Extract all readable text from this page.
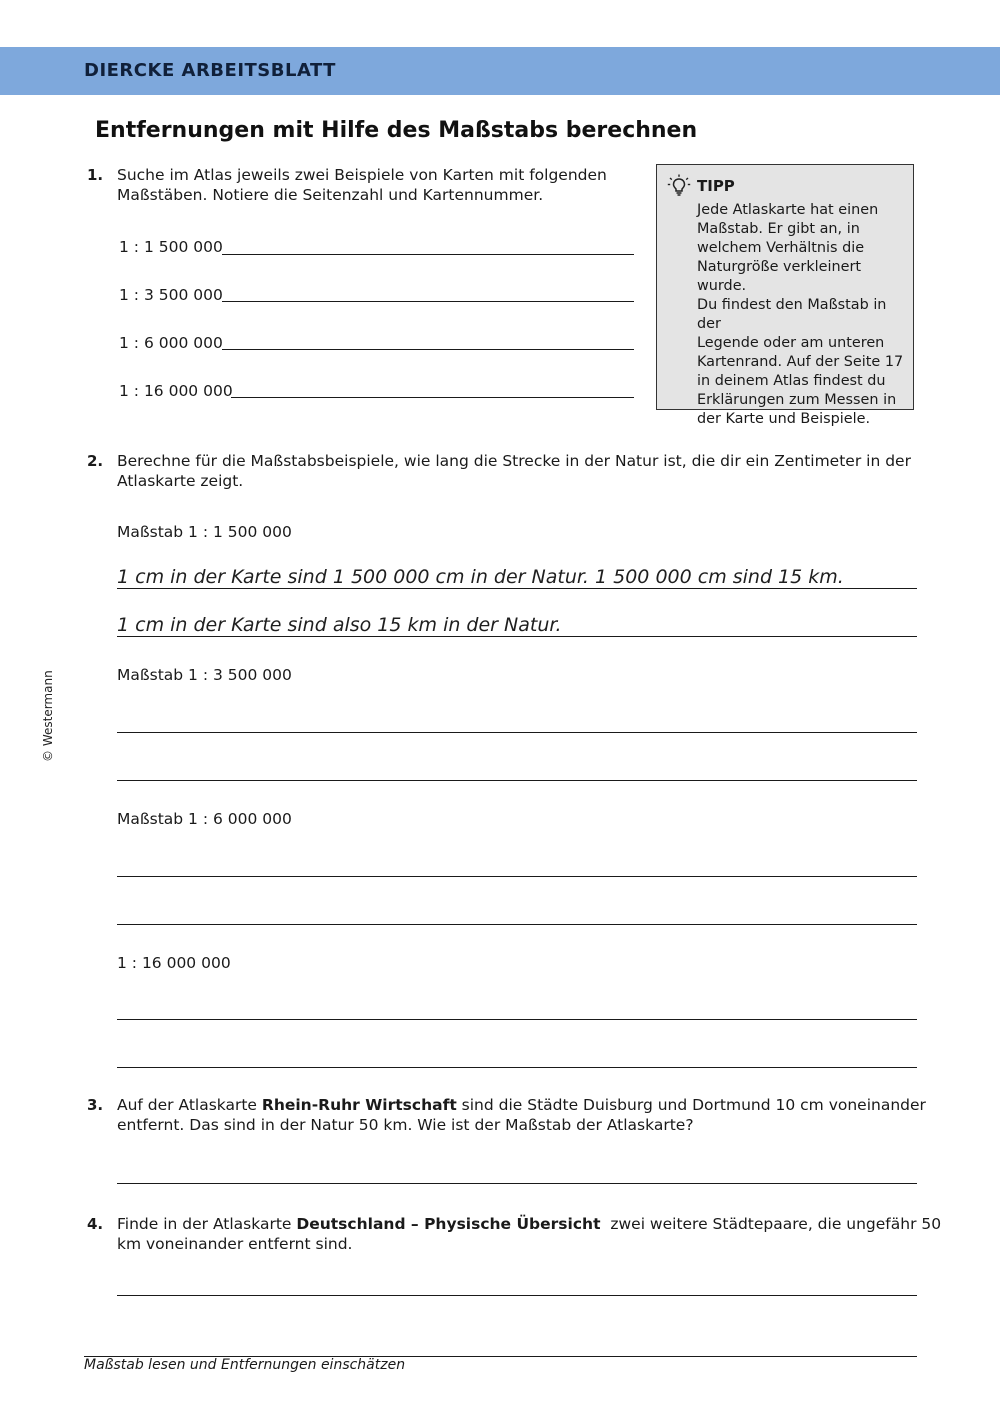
DIERCKE ARBEITSBLATT
Entfernungen mit Hilfe des Maßstabs berechnen
1. Suche im Atlas jeweils zwei Beispiele von Karten mit folgenden
Maßstäben. Notiere die Seitenzahl und Kartennummer.
1 : 1 500 000
1 : 3 500 000
1 : 6 000 000
1 : 16 000 000
TIPP
Jede Atlaskarte hat einen
Maßstab. Er gibt an, in
welchem Verhältnis die
Naturgröße verkleinert wurde.
Du findest den Maßstab in der
Legende oder am unteren
Kartenrand. Auf der Seite 17
in deinem Atlas findest du
Erklärungen zum Messen in
der Karte und Beispiele.
2. Berechne für die Maßstabsbeispiele, wie lang die Strecke in der Natur ist, die dir ein Zentimeter in der
Atlaskarte zeigt.
Maßstab 1 : 1 500 000
1 cm in der Karte sind 1 500 000 cm in der Natur. 1 500 000 cm sind 15 km.
1 cm in der Karte sind also 15 km in der Natur.
Maßstab 1 : 3 500 000
Maßstab 1 : 6 000 000
1 : 16 000 000
3. Auf der Atlaskarte Rhein-Ruhr Wirtschaft sind die Städte Duisburg und Dortmund 10 cm voneinander
entfernt. Das sind in der Natur 50 km. Wie ist der Maßstab der Atlaskarte?
4. Finde in der Atlaskarte Deutschland – Physische Übersicht  zwei weitere Städtepaare, die ungefähr 50
km voneinander entfernt sind.
© Westermann
Maßstab lesen und Entfernungen einschätzen
